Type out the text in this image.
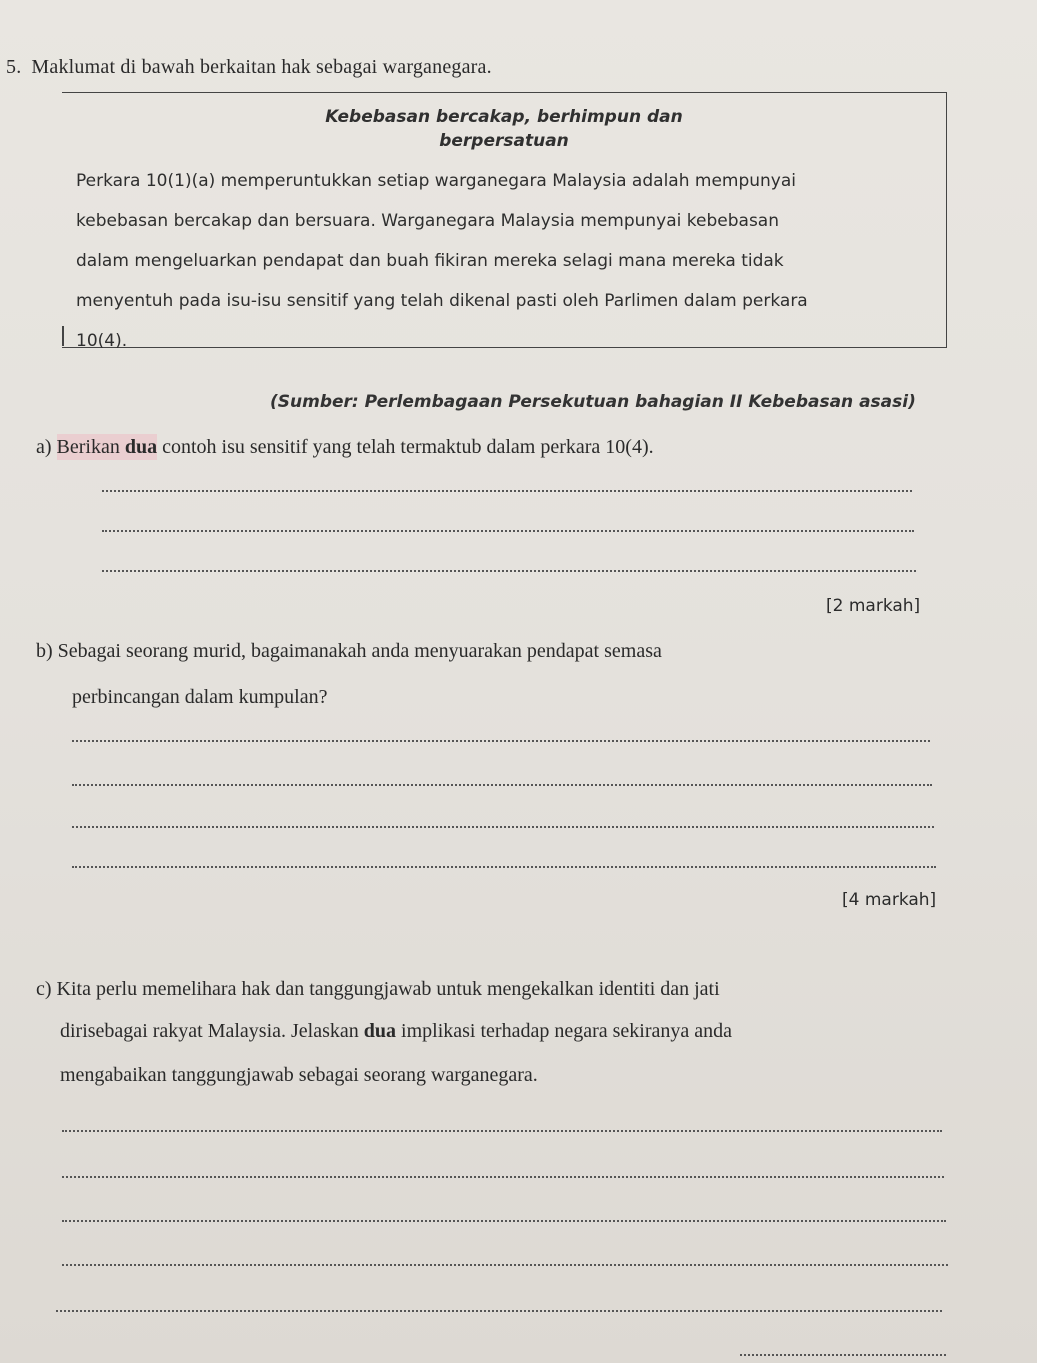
5. Maklumat di bawah berkaitan hak sebagai warganegara.
Kebebasan bercakap, berhimpun dan
berpersatuan
Perkara 10(1)(a) memperuntukkan setiap warganegara Malaysia adalah mempunyai
kebebasan bercakap dan bersuara. Warganegara Malaysia mempunyai kebebasan
dalam mengeluarkan pendapat dan buah fikiran mereka selagi mana mereka tidak
menyentuh pada isu-isu sensitif yang telah dikenal pasti oleh Parlimen dalam perkara
10(4).
(Sumber: Perlembagaan Persekutuan bahagian II Kebebasan asasi)
a) Berikan dua contoh isu sensitif yang telah termaktub dalam perkara 10(4).
[2 markah]
b) Sebagai seorang murid, bagaimanakah anda menyuarakan pendapat semasa
perbincangan dalam kumpulan?
[4 markah]
c) Kita perlu memelihara hak dan tanggungjawab untuk mengekalkan identiti dan jati
dirisebagai rakyat Malaysia. Jelaskan dua implikasi terhadap negara sekiranya anda
mengabaikan tanggungjawab sebagai seorang warganegara.
